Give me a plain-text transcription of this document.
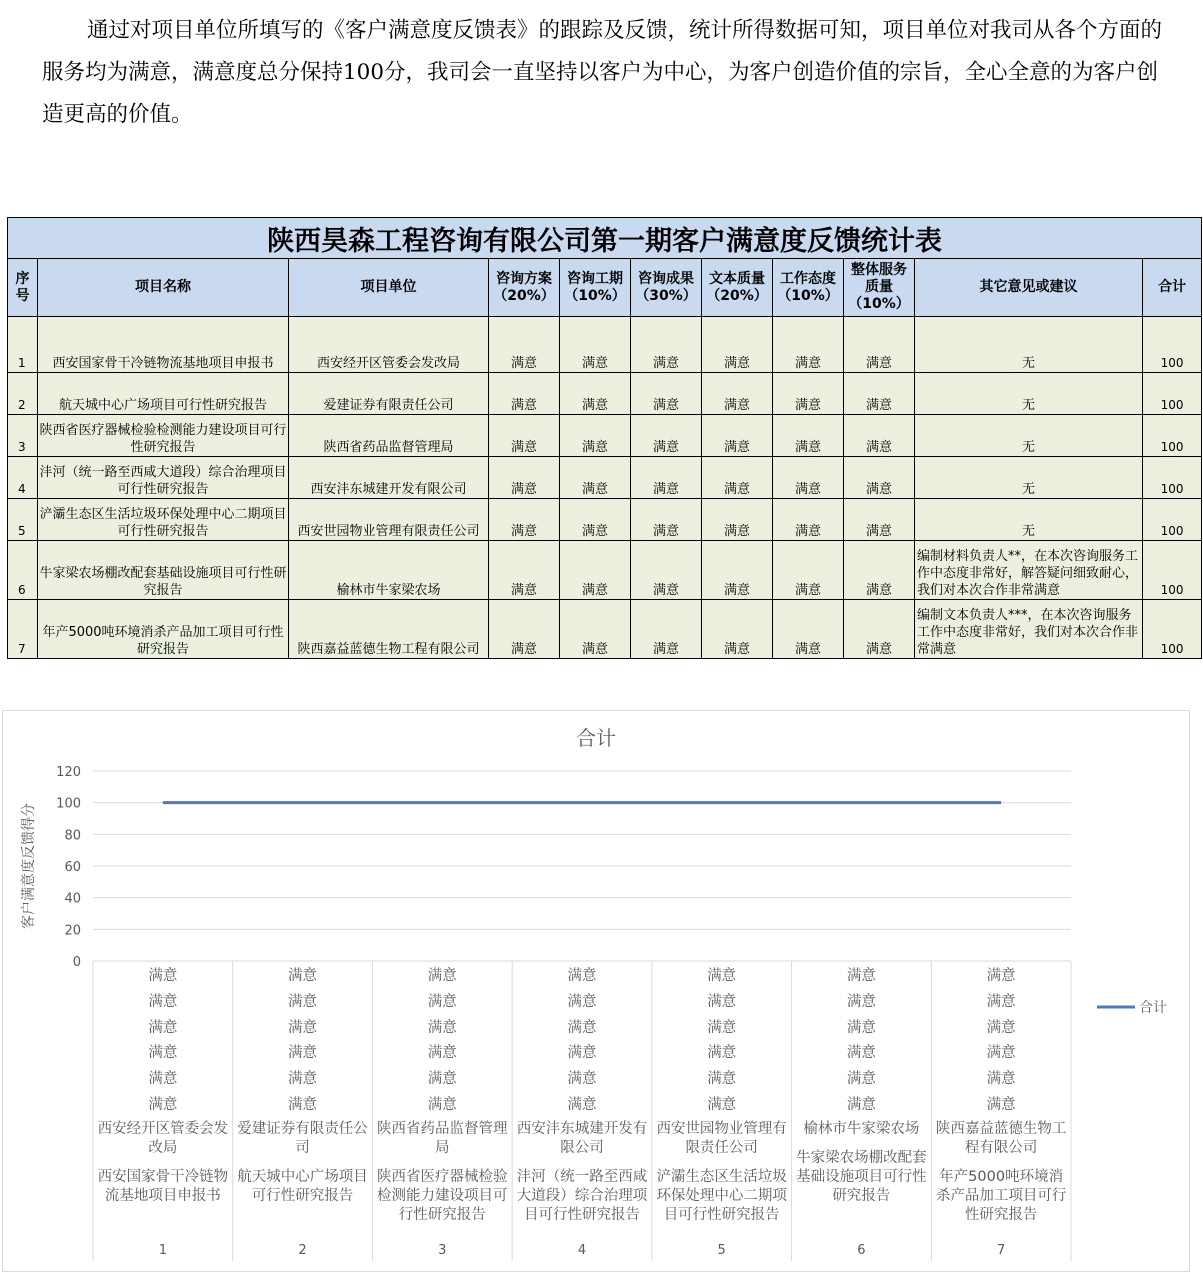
通过对项目单位所填写的《客户满意度反馈表》的跟踪及反馈，统计所得数据可知，项目单位对我司从各个方面的服务均为满意，满意度总分保持100分，我司会一直坚持以客户为中心，为客户创造价值的宗旨，全心全意的为客户创造更高的价值。

陕西昊森工程咨询有限公司第一期客户满意度反馈统计表										
序号	项目名称	项目单位	咨询方案（20%）	咨询工期（10%）	咨询成果（30%）	文本质量（20%）	工作态度（10%）	整体服务质量（10%）	其它意见或建议	合计
1	西安国家骨干冷链物流基地项目申报书	西安经开区管委会发改局	满意	满意	满意	满意	满意	满意	无	100
2	航天城中心广场项目可行性研究报告	爱建证券有限责任公司	满意	满意	满意	满意	满意	满意	无	100
3	陕西省医疗器械检验检测能力建设项目可行性研究报告	陕西省药品监督管理局	满意	满意	满意	满意	满意	满意	无	100
4	沣河（统一路至西咸大道段）综合治理项目可行性研究报告	西安沣东城建开发有限公司	满意	满意	满意	满意	满意	满意	无	100
5	浐灞生态区生活垃圾环保处理中心二期项目可行性研究报告	西安世园物业管理有限责任公司	满意	满意	满意	满意	满意	满意	无	100
6	牛家梁农场棚改配套基础设施项目可行性研究报告	榆林市牛家梁农场	满意	满意	满意	满意	满意	满意	编制材料负责人**，在本次咨询服务工作中态度非常好，解答疑问细致耐心，我们对本次合作非常满意	100
7	年产5000吨环境消杀产品加工项目可行性研究报告	陕西嘉益蓝德生物工程有限公司	满意	满意	满意	满意	满意	满意	编制文本负责人***，在本次咨询服务工作中态度非常好，我们对本次合作非常满意	100
合计
客户满意度反馈得分
0
20
40
60
80
100
120
合计
满意
满意
满意
满意
满意
满意
西安经开区管委会发改局
西安国家骨干冷链物流基地项目申报书
1
满意
满意
满意
满意
满意
满意
爱建证券有限责任公司
航天城中心广场项目可行性研究报告
2
满意
满意
满意
满意
满意
满意
陕西省药品监督管理局
陕西省医疗器械检验检测能力建设项目可行性研究报告
3
满意
满意
满意
满意
满意
满意
西安沣东城建开发有限公司
沣河（统一路至西咸大道段）综合治理项目可行性研究报告
4
满意
满意
满意
满意
满意
满意
西安世园物业管理有限责任公司
浐灞生态区生活垃圾环保处理中心二期项目可行性研究报告
5
满意
满意
满意
满意
满意
满意
榆林市牛家梁农场
牛家梁农场棚改配套基础设施项目可行性研究报告
6
满意
满意
满意
满意
满意
满意
陕西嘉益蓝德生物工程有限公司
年产5000吨环境消杀产品加工项目可行性研究报告
7
